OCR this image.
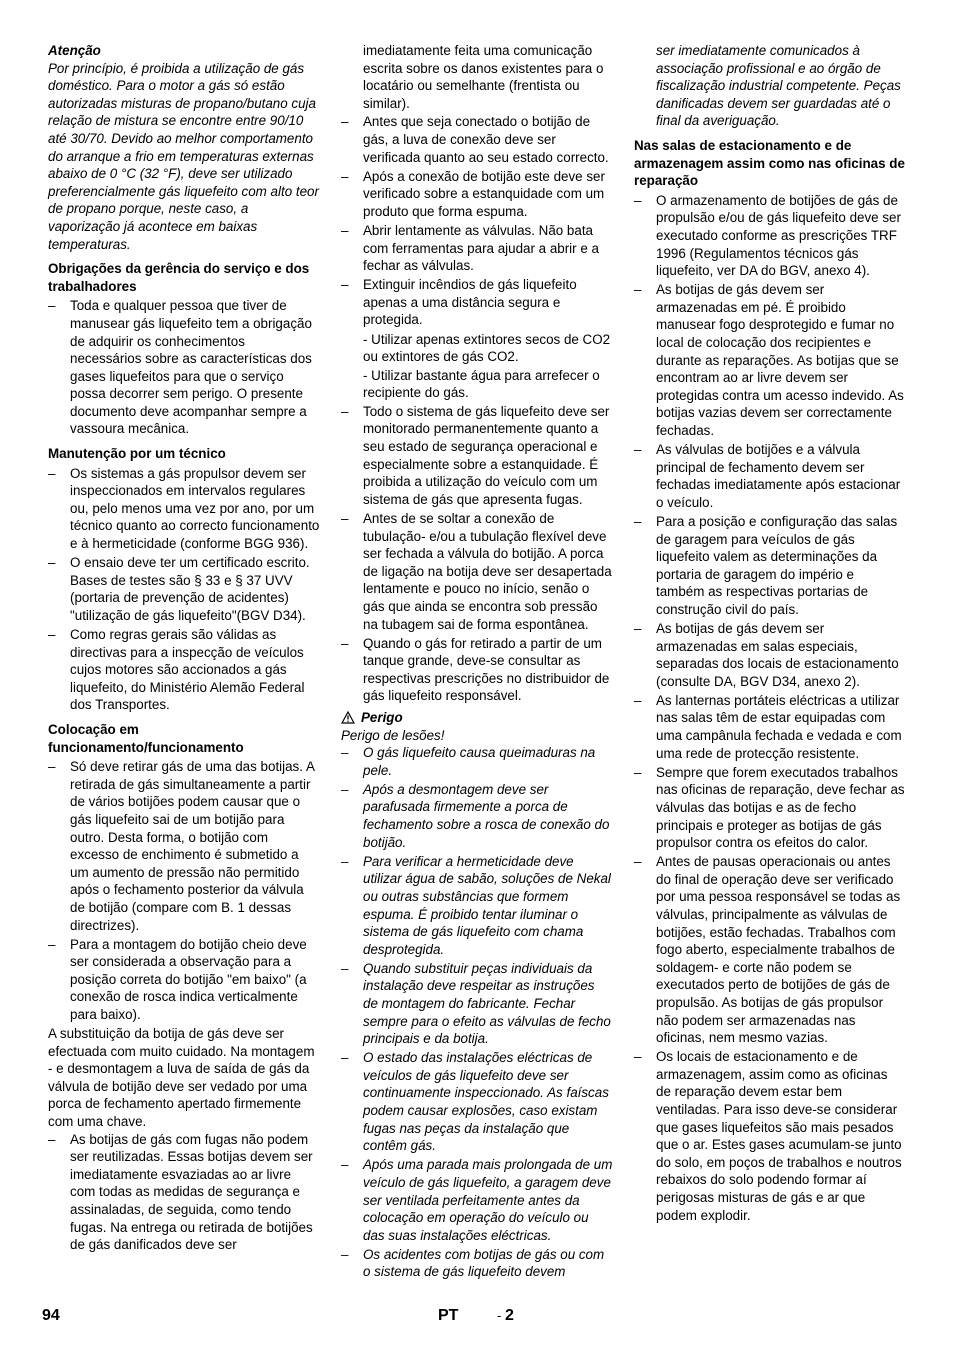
Atenção

Por princípio, é proibida a utilização de gás doméstico. Para o motor a gás só estão autorizadas misturas de propano/butano cuja relação de mistura se encontre entre 90/10 até 30/70. Devido ao melhor comportamento do arranque a frio em temperaturas externas abaixo de 0 °C (32 °F), deve ser utilizado preferencialmente gás liquefeito com alto teor de propano porque, neste caso, a vaporização já acontece em baixas temperaturas.

Obrigações da gerência do serviço e dos trabalhadores

– Toda e qualquer pessoa que tiver de manusear gás liquefeito tem a obrigação de adquirir os conhecimentos necessários sobre as características dos gases liquefeitos para que o serviço possa decorrer sem perigo. O presente documento deve acompanhar sempre a vassoura mecânica.

Manutenção por um técnico

– Os sistemas a gás propulsor devem ser inspeccionados em intervalos regulares ou, pelo menos uma vez por ano, por um técnico quanto ao correcto funcionamento e à hermeticidade (conforme BGG 936).
– O ensaio deve ter um certificado escrito. Bases de testes são § 33 e § 37 UVV (portaria de prevenção de acidentes) "utilização de gás liquefeito"(BGV D34).
– Como regras gerais são válidas as directivas para a inspecção de veículos cujos motores são accionados a gás liquefeito, do Ministério Alemão Federal dos Transportes.

Colocação em funcionamento/funcionamento

– Só deve retirar gás de uma das botijas. A retirada de gás simultaneamente a partir de vários botijões podem causar que o gás liquefeito sai de um botijão para outro. Desta forma, o botijão com excesso de enchimento é submetido a um aumento de pressão não permitido após o fechamento posterior da válvula de botijão (compare com B. 1 dessas directrizes).
– Para a montagem do botijão cheio deve ser considerada a observação para a posição correta do botijão "em baixo" (a conexão de rosca indica verticalmente para baixo).

A substituição da botija de gás deve ser efectuada com muito cuidado. Na montagem - e desmontagem a luva de saída de gás da válvula de botijão deve ser vedado por uma porca de fechamento apertado firmemente com uma chave.

– As botijas de gás com fugas não podem ser reutilizadas. Essas botijas devem ser imediatamente esvaziadas ao ar livre com todas as medidas de segurança e assinaladas, de seguida, como tendo fugas. Na entrega ou retirada de botijões de gás danificados deve ser

imediatamente feita uma comunicação escrita sobre os danos existentes para o locatário ou semelhante (frentista ou similar).

– Antes que seja conectado o botijão de gás, a luva de conexão deve ser verificada quanto ao seu estado correcto.
– Após a conexão de botijão este deve ser verificado sobre a estanquidade com um produto que forma espuma.
– Abrir lentamente as válvulas. Não bata com ferramentas para ajudar a abrir e a fechar as válvulas.
– Extinguir incêndios de gás liquefeito apenas a uma distância segura e protegida.

- Utilizar apenas extintores secos de CO2 ou extintores de gás CO2.

- Utilizar bastante água para arrefecer o recipiente do gás.

– Todo o sistema de gás liquefeito deve ser monitorado permanentemente quanto a seu estado de segurança operacional e especialmente sobre a estanquidade. É proibida a utilização do veículo com um sistema de gás que apresenta fugas.
– Antes de se soltar a conexão de tubulação- e/ou a tubulação flexível deve ser fechada a válvula do botijão. A porca de ligação na botija deve ser desapertada lentamente e pouco no início, senão o gás que ainda se encontra sob pressão na tubagem sai de forma espontânea.
– Quando o gás for retirado a partir de um tanque grande, deve-se consultar as respectivas prescrições no distribuidor de gás liquefeito responsável.
Perigo

Perigo de lesões!

– O gás liquefeito causa queimaduras na pele.
– Após a desmontagem deve ser parafusada firmemente a porca de fechamento sobre a rosca de conexão do botijão.
– Para verificar a hermeticidade deve utilizar água de sabão, soluções de Nekal ou outras substâncias que formem espuma. É proibido tentar iluminar o sistema de gás liquefeito com chama desprotegida.
– Quando substituir peças individuais da instalação deve respeitar as instruções de montagem do fabricante. Fechar sempre para o efeito as válvulas de fecho principais e da botija.
– O estado das instalações eléctricas de veículos de gás liquefeito deve ser continuamente inspeccionado. As faíscas podem causar explosões, caso existam fugas nas peças da instalação que contêm gás.
– Após uma parada mais prolongada de um veículo de gás liquefeito, a garagem deve ser ventilada perfeitamente antes da colocação em operação do veículo ou das suas instalações eléctricas.
– Os acidentes com botijas de gás ou com o sistema de gás liquefeito devem

ser imediatamente comunicados à associação profissional e ao órgão de fiscalização industrial competente. Peças danificadas devem ser guardadas até o final da averiguação.

Nas salas de estacionamento e de armazenagem assim como nas oficinas de reparação

– O armazenamento de botijões de gás de propulsão e/ou de gás liquefeito deve ser executado conforme as prescrições TRF 1996 (Regulamentos técnicos gás liquefeito, ver DA do BGV, anexo 4).
– As botijas de gás devem ser armazenadas em pé. É proibido manusear fogo desprotegido e fumar no local de colocação dos recipientes e durante as reparações. As botijas que se encontram ao ar livre devem ser protegidas contra um acesso indevido. As botijas vazias devem ser correctamente fechadas.
– As válvulas de botijões e a válvula principal de fechamento devem ser fechadas imediatamente após estacionar o veículo.
– Para a posição e configuração das salas de garagem para veículos de gás liquefeito valem as determinações da portaria de garagem do império e também as respectivas portarias de construção civil do país.
– As botijas de gás devem ser armazenadas em salas especiais, separadas dos locais de estacionamento (consulte DA, BGV D34, anexo 2).
– As lanternas portáteis eléctricas a utilizar nas salas têm de estar equipadas com uma campânula fechada e vedada e com uma rede de protecção resistente.
– Sempre que forem executados trabalhos nas oficinas de reparação, deve fechar as válvulas das botijas e as de fecho principais e proteger as botijas de gás propulsor contra os efeitos do calor.
– Antes de pausas operacionais ou antes do final de operação deve ser verificado por uma pessoa responsável se todas as válvulas, principalmente as válvulas de botijões, estão fechadas. Trabalhos com fogo aberto, especialmente trabalhos de soldagem- e corte não podem se executados perto de botijões de gás de propulsão. As botijas de gás propulsor não podem ser armazenadas nas oficinas, nem mesmo vazias.
– Os locais de estacionamento e de armazenagem, assim como as oficinas de reparação devem estar bem ventiladas. Para isso deve-se considerar que gases liquefeitos são mais pesados que o ar. Estes gases acumulam-se junto do solo, em poços de trabalhos e noutros rebaixos do solo podendo formar aí perigosas misturas de gás e ar que podem explodir.
94	PT	- 2
